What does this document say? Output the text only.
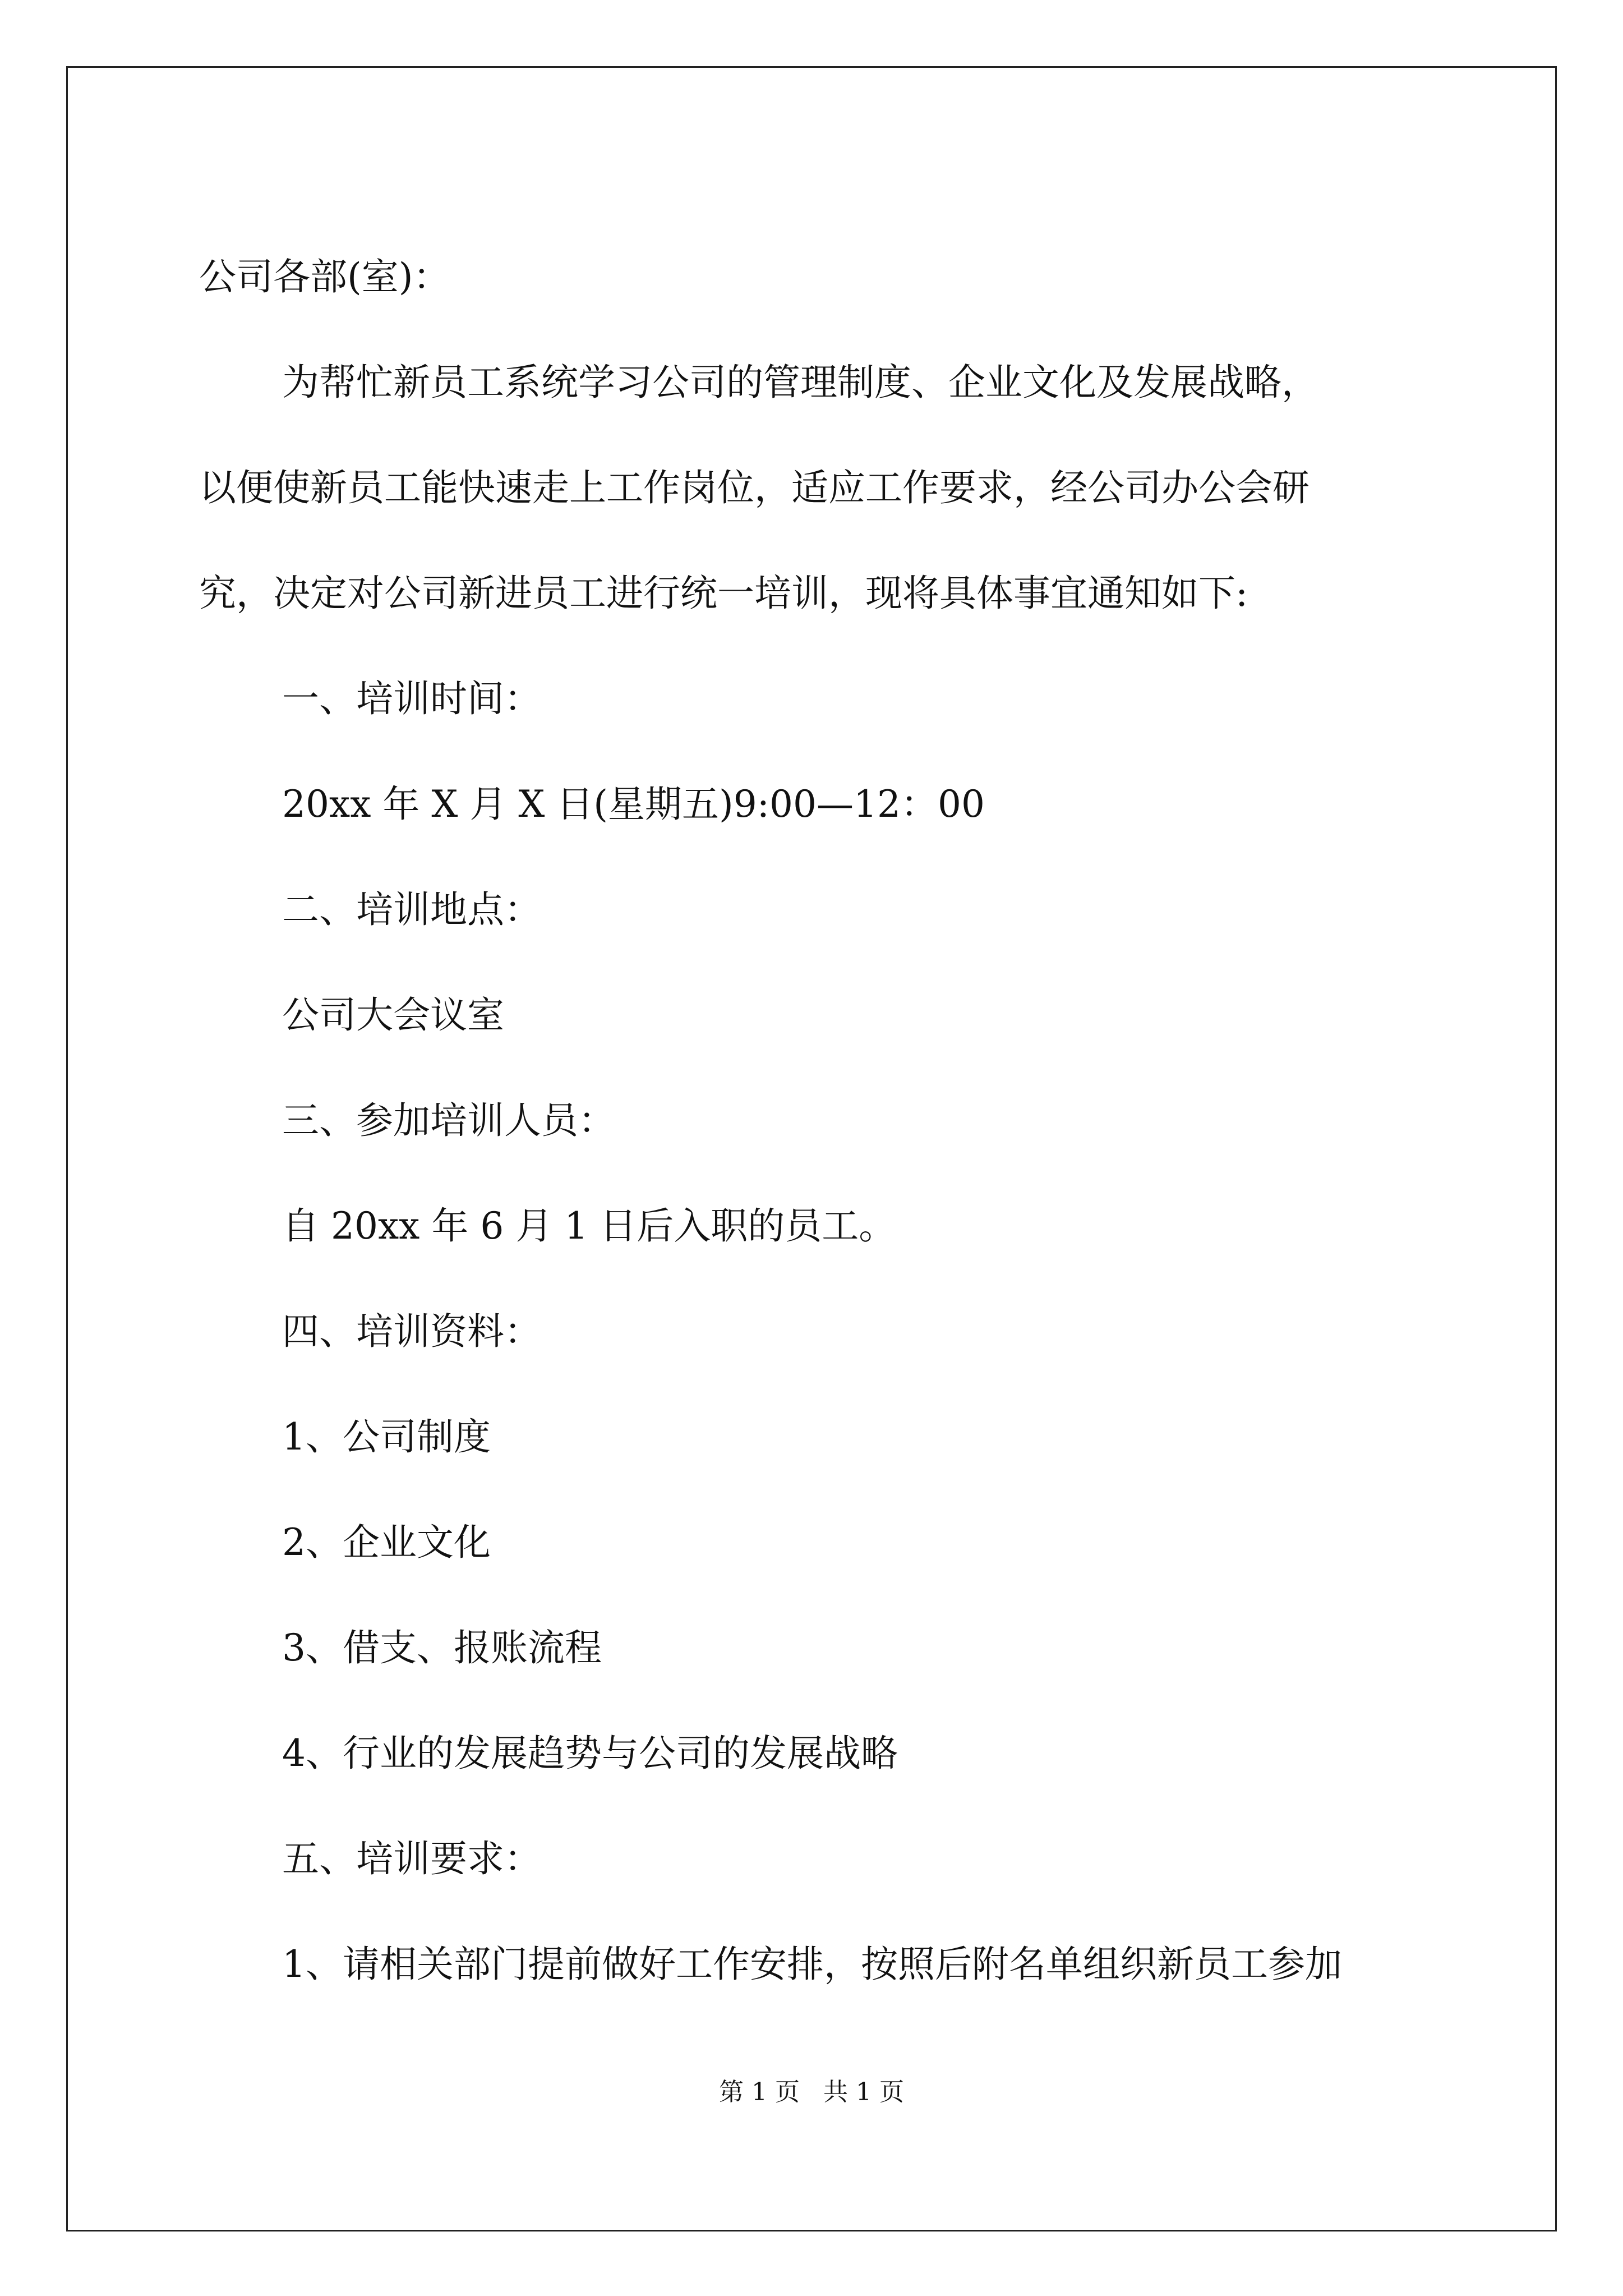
公司各部(室)：

为帮忙新员工系统学习公司的管理制度、企业文化及发展战略，

以便使新员工能快速走上工作岗位，适应工作要求，经公司办公会研

究，决定对公司新进员工进行统一培训，现将具体事宜通知如下:

一、培训时间：

20xx 年 X 月 X 日(星期五)9:00—12：00

二、培训地点：

公司大会议室

三、参加培训人员：

自 20xx 年 6 月 1 日后入职的员工。

四、培训资料：

1、公司制度

2、企业文化

3、借支、报账流程

4、行业的发展趋势与公司的发展战略

五、培训要求：

1、请相关部门提前做好工作安排，按照后附名单组织新员工参加

第 1 页   共 1 页
